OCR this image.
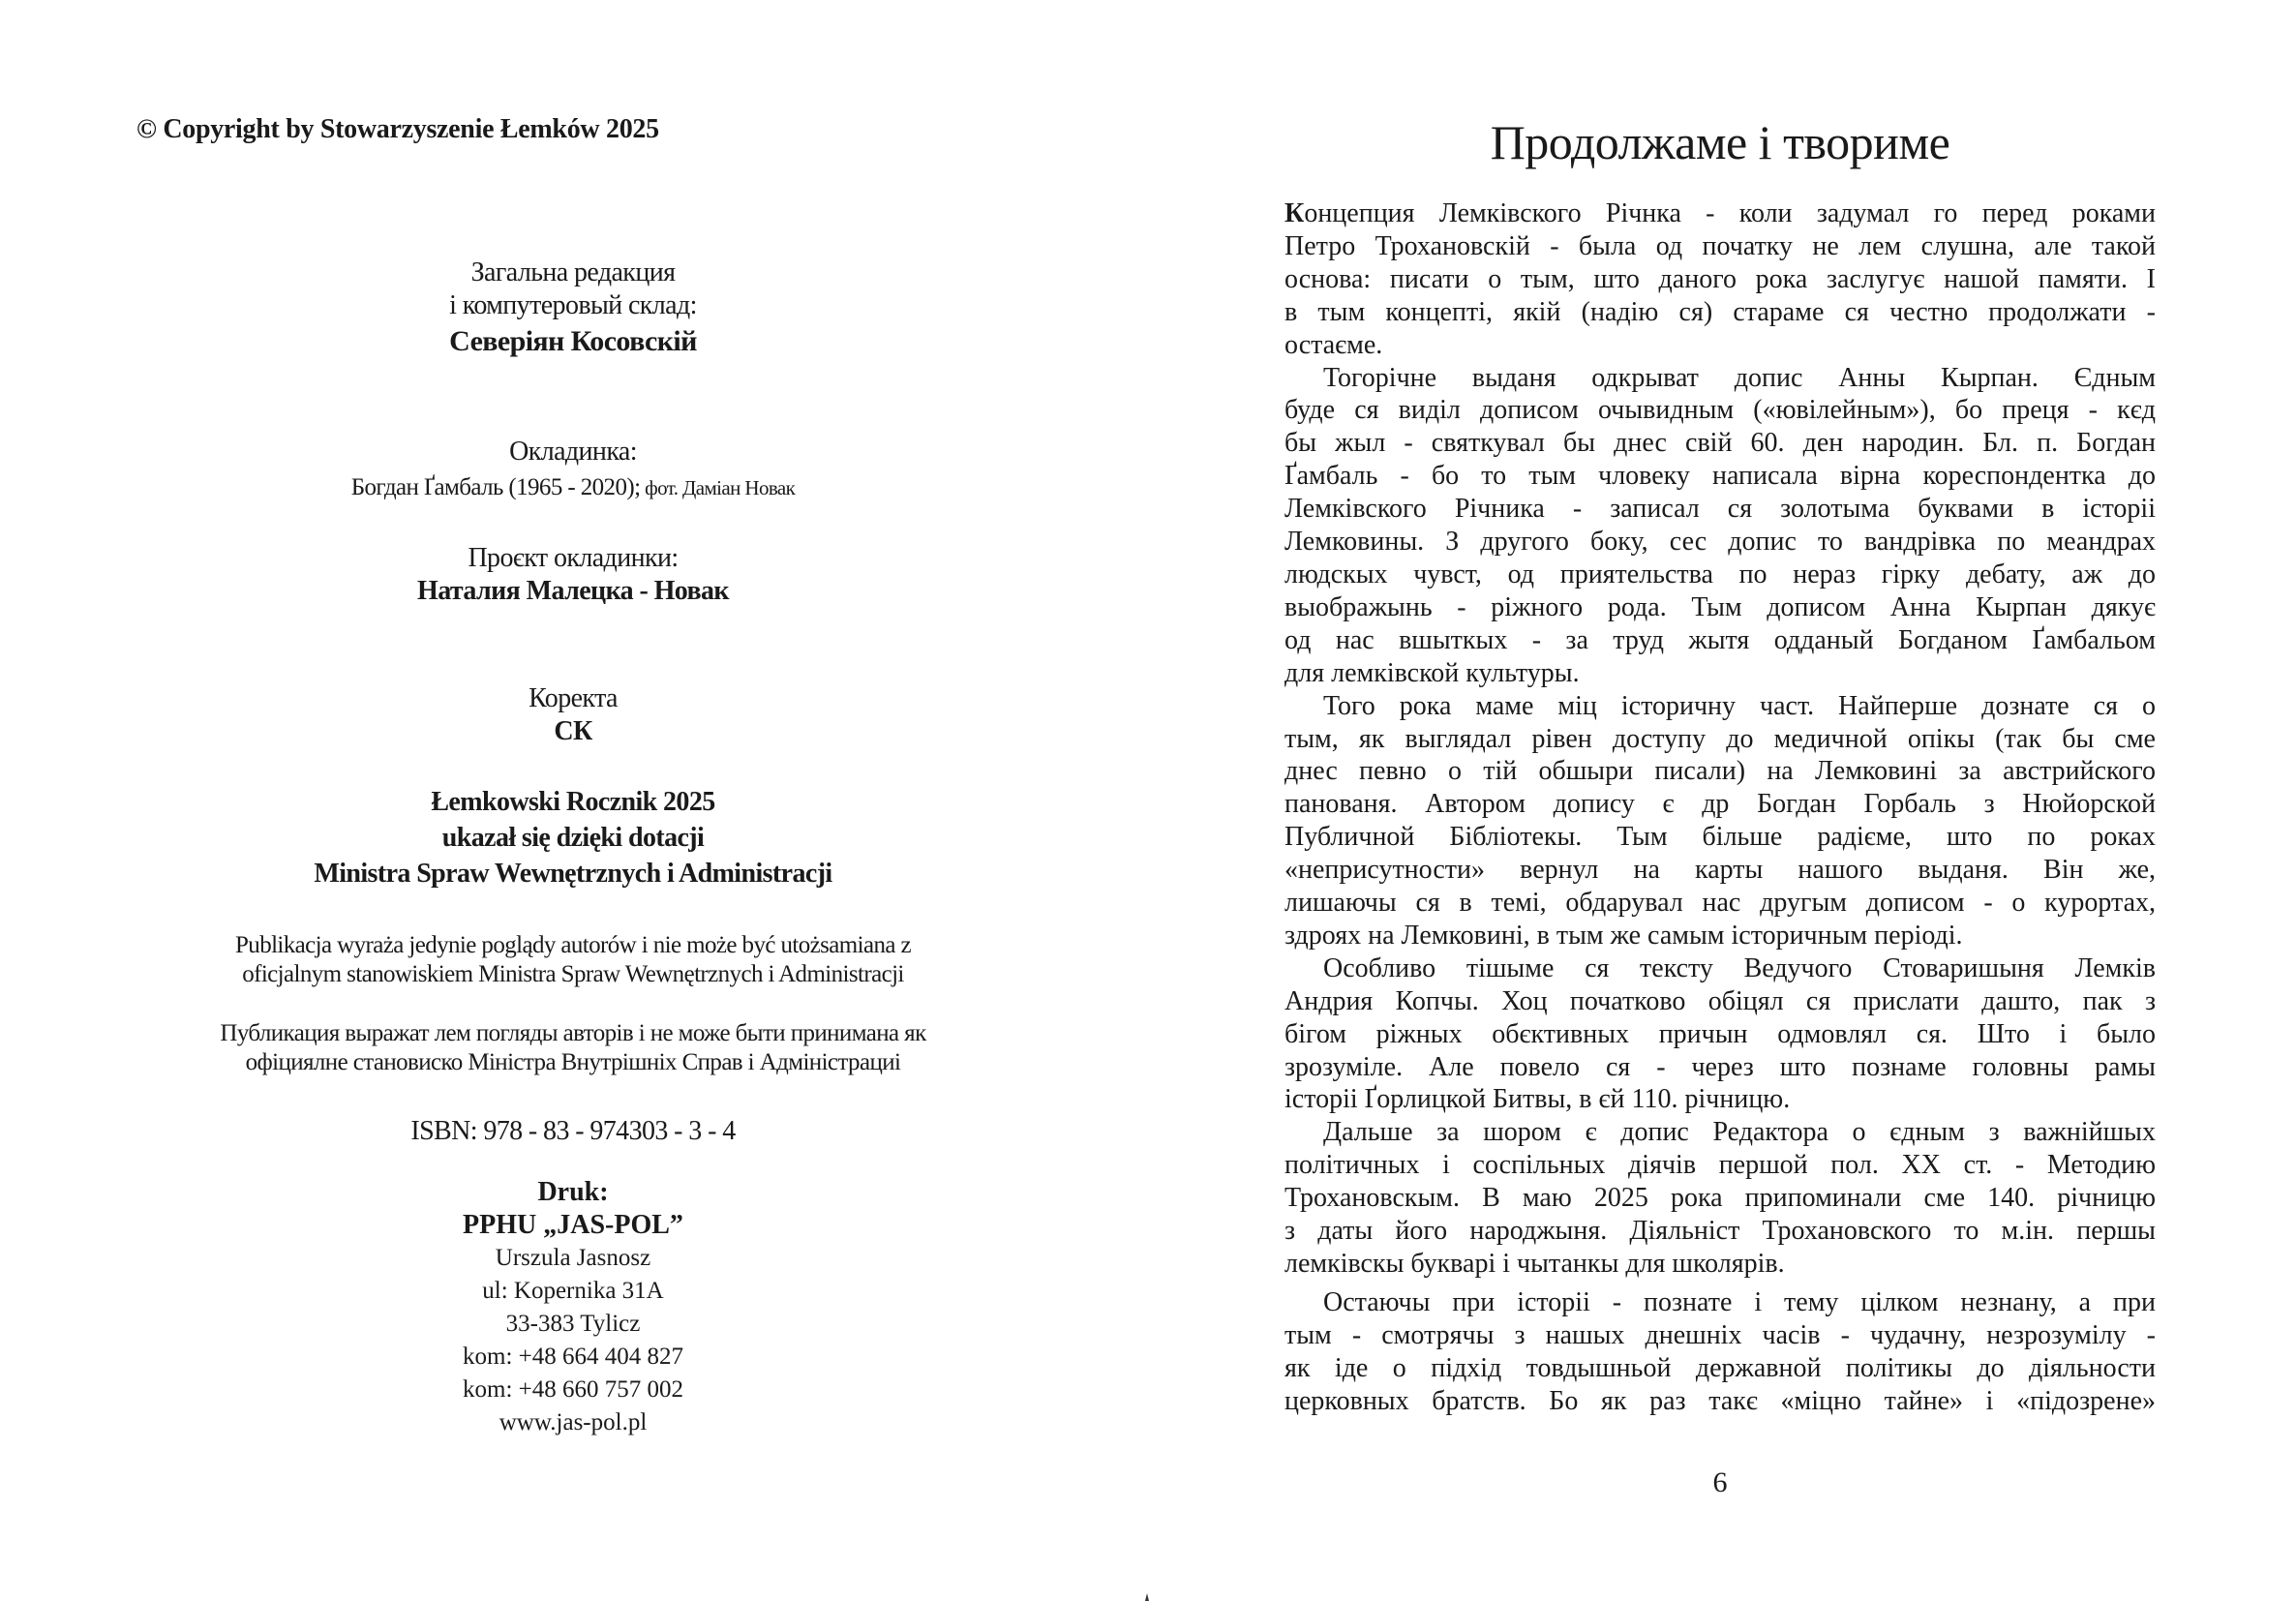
© Copyright by Stowarzyszenie Łemków 2025
Загальна редакция
і компутеровый склад:
Северіян Косовскій
Окладинка:
Богдан Ґамбаль (1965 - 2020); фот. Даміан Новак
Проєкт окладинки:
Наталия Малецка - Новак
Коректа
СК
Łemkowski Rocznik 2025
ukazał się dzięki dotacji
Ministra Spraw Wewnętrznych i Administracji
Publikacja wyraża jedynie poglądy autorów i nie może być utożsamiana z
oficjalnym stanowiskiem Ministra Spraw Wewnętrznych i Administracji
Публикация выражат лем погляды авторів і не може быти принимана як
офіциялне становиско Міністра Внутрішніх Справ і Адміністрациі
ISBN: 978 - 83 - 974303 - 3 - 4
Druk:
PPHU „JAS-POL”
Urszula Jasnosz
ul: Kopernika 31A
33-383 Tylicz
kom: +48 664 404 827
kom: +48 660 757 002
www.jas-pol.pl
Продолжаме і твориме
Концепция Лемківского Річнка - коли задумал го перед роками
Петро Трохановскій - была од початку не лем слушна, але такой
основа: писати о тым, што даного рока заслугує нашой памяти. І
в тым концепті, якій (надію ся) стараме ся честно продолжати -
остаєме.
Тогорічне выданя одкрыват допис Анны Кырпан. Єдным
буде ся виділ дописом очывидным («ювілейным»), бо преця - кєд
бы жыл - святкувал бы днес свій 60. ден народин. Бл. п. Богдан
Ґамбаль - бо то тым чловеку написала вірна кореспондентка до
Лемківского Річника - записал ся золотыма буквами в історіі
Лемковины. З другого боку, сес допис то вандрівка по меандрах
людскых чувст, од приятельства по нераз гірку дебату, аж до
выображынь - ріжного рода. Тым дописом Анна Кырпан дякує
од нас вшыткых - за труд жытя одданый Богданом Ґамбальом
для лемківской культуры.
Того рока маме міц історичну част. Найперше дознате ся о
тым, як выглядал рівен доступу до медичной опікы (так бы сме
днес певно о тій обшыри писали) на Лемковині за австрийского
панованя. Автором допису є др Богдан Горбаль з Нюйорской
Публичной Бібліотекы. Тым більше радієме, што по роках
«неприсутности» вернул на карты нашого выданя. Він же,
лишаючы ся в темі, обдарувал нас другым дописом - о курортах,
здроях на Лемковині, в тым же самым історичным періоді.
Особливо тішыме ся тексту Ведучого Стоваришыня Лемків
Андрия Копчы. Хоц початково обіцял ся прислати дашто, пак з
бігом ріжных обєктивных причын одмовлял ся. Што і было
зрозуміле. Але повело ся - через што познаме головны рамы
історіі Ґорлицкой Битвы, в єй 110. річницю.
Дальше за шором є допис Редактора о єдным з важнійшых
політичных і соспільных діячів першой пол. ХХ ст. - Методию
Трохановскым. В маю 2025 рока припоминали сме 140. річницю
з даты його народжыня. Діяльніст Трохановского то м.ін. першы
лемківскы букварі і чытанкы для школярів.
Остаючы при історіі - познате і тему цілком незнану, а при
тым - смотрячы з нашых днешніх часів - чудачну, незрозумілу -
як іде о підхід товдышньой державной політикы до діяльности
церковных братств. Бо як раз такє «міцно тайне» і «підозрене»
6
